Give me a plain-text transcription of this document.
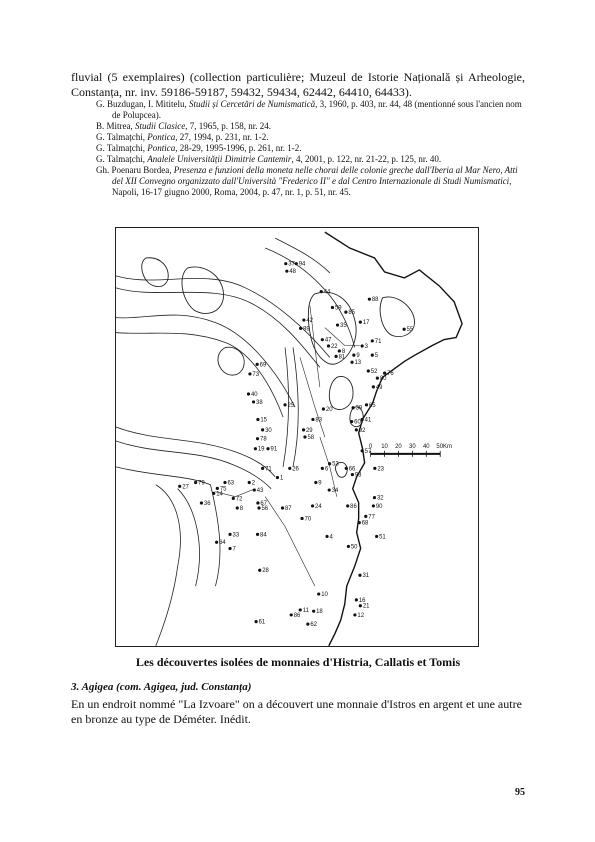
fluvial (5 exemplaires) (collection particulière; Muzeul de Istorie Națională și Arheologie, Constanța, nr. inv. 59186-59187, 59432, 59434, 62442, 64410, 64433).

G. Buzdugan, I. Mititelu, Studii și Cercetări de Numismatică, 3, 1960, p. 403, nr. 44, 48 (mentionné sous l'ancien nom de Polupcea).
B. Mitrea, Studii Clasice, 7, 1965, p. 158, nr. 24.
G. Talmațchi, Pontica, 27, 1994, p. 231, nr. 1-2.
G. Talmațchi, Pontica, 28-29, 1995-1996, p. 261, nr. 1-2.
G. Talmațchi, Analele Universității Dimitrie Cantemir, 4, 2001, p. 122, nr. 21-22, p. 125, nr. 40.
Gh. Poenaru Bordea, Presenza e funzioni della moneta nelle chorai delle colonie greche dall'Iberia al Mar Nero, Atti del XII Convegno organizzato dall'Università "Frederico II" e dal Centro Internazionale di Studi Numismatici, Napoli, 16-17 giugno 2000, Roma, 2004, p. 47, nr. 1, p. 51, nr. 45.
0 10 20 30 40 50Km
37 94
48
44
88
59
85
42	17
35
89	55
47	71
22	3
8
9	5
81
13
69
52
73	76
80
49
40
38	25	65
39
20
15	83	41
60
30	29	92
78	58
19 91	57
53
26	6	66	23
71
93
63
1
9
2
27
79
75	43	34
14
72	32
36	67	24	86	90
8	56	87
77
70
68
33	84	4	51
64
50
7
28
31
10
16
21
11 18
86	12
61	62

Les découvertes isolées de monnaies d'Histria, Callatis et Tomis

3. Agigea (com. Agigea, jud. Constanța)

En un endroit nommé "La Izvoare" on a découvert une monnaie d'Istros en argent et une autre en bronze au type de Déméter. Inédit.

95
